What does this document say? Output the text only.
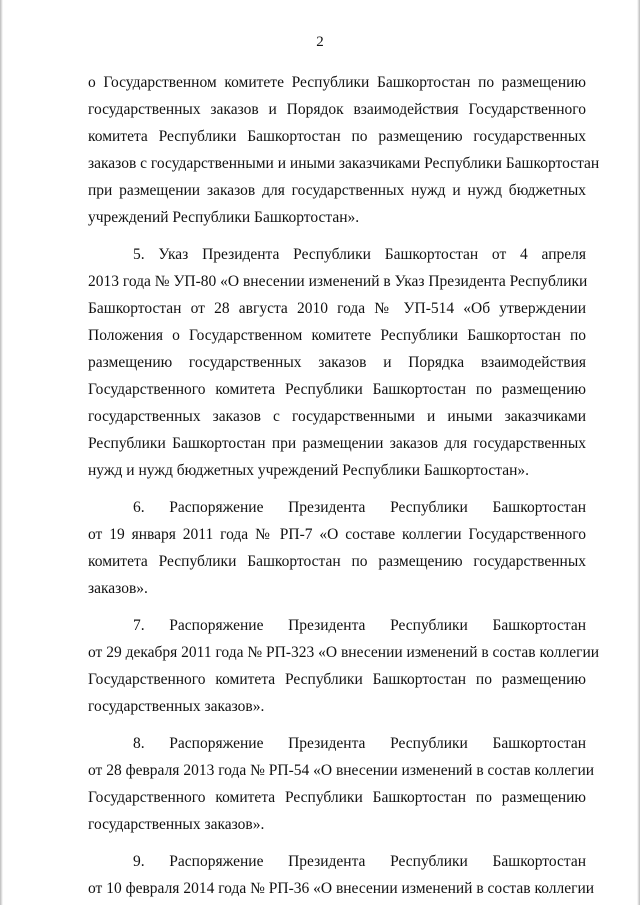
2
о Государственном комитете Республики Башкортостан по размещению
государственных заказов и Порядок взаимодействия Государственного
комитета Республики Башкортостан по размещению государственных
заказов с государственными и иными заказчиками Республики Башкортостан
при размещении заказов для государственных нужд и нужд бюджетных
учреждений Республики Башкортостан».
5. Указ Президента Республики Башкортостан от 4 апреля
2013 года № УП-80 «О внесении изменений в Указ Президента Республики
Башкортостан от 28 августа 2010 года № УП-514 «Об утверждении
Положения о Государственном комитете Республики Башкортостан по
размещению государственных заказов и Порядка взаимодействия
Государственного комитета Республики Башкортостан по размещению
государственных заказов с государственными и иными заказчиками
Республики Башкортостан при размещении заказов для государственных
нужд и нужд бюджетных учреждений Республики Башкортостан».
6. Распоряжение Президента Республики Башкортостан
от 19 января 2011 года № РП-7 «О составе коллегии Государственного
комитета Республики Башкортостан по размещению государственных
заказов».
7. Распоряжение Президента Республики Башкортостан
от 29 декабря 2011 года № РП-323 «О внесении изменений в состав коллегии
Государственного комитета Республики Башкортостан по размещению
государственных заказов».
8. Распоряжение Президента Республики Башкортостан
от 28 февраля 2013 года № РП-54 «О внесении изменений в состав коллегии
Государственного комитета Республики Башкортостан по размещению
государственных заказов».
9. Распоряжение Президента Республики Башкортостан
от 10 февраля 2014 года № РП-36 «О внесении изменений в состав коллегии
